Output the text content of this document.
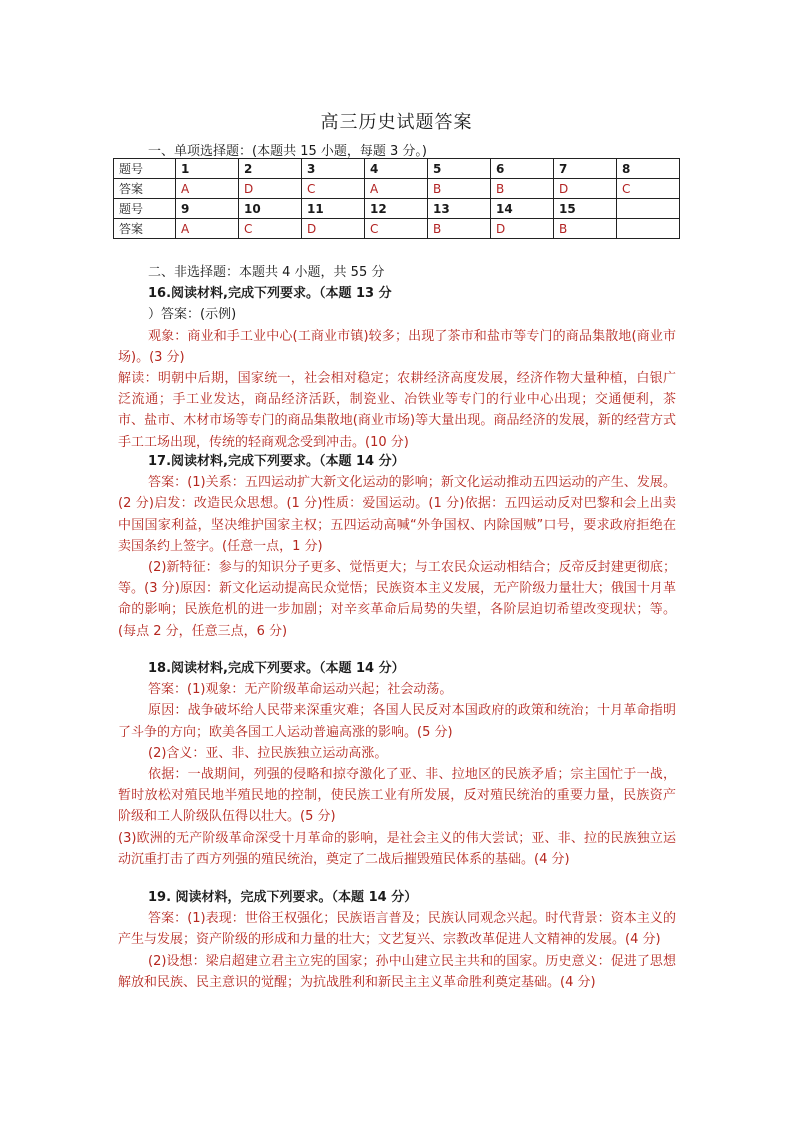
高三历史试题答案
一、单项选择题：(本题共 15 小题，每题 3 分。)
题号	1	2	3	4	5	6	7	8
答案	A	D	C	A	B	B	D	C
题号	9	10	11	12	13	14	15	
答案	A	C	D	C	B	D	B	

二、非选择题：本题共 4 小题，共 55 分

16.阅读材料,完成下列要求。（本题 13 分

）答案：(示例)

观象：商业和手工业中心(工商业市镇)较多；出现了茶市和盐市等专门的商品集散地(商业市场)。(3 分)

解读：明朝中后期，国家统一，社会相对稳定；农耕经济高度发展，经济作物大量种植，白银广泛流通；手工业发达，商品经济活跃，制瓷业、冶铁业等专门的行业中心出现；交通便利，茶市、盐市、木材市场等专门的商品集散地(商业市场)等大量出现。商品经济的发展，新的经营方式手工工场出现，传统的轻商观念受到冲击。(10 分)

17.阅读材料,完成下列要求。（本题 14 分）

答案：(1)关系：五四运动扩大新文化运动的影响；新文化运动推动五四运动的产生、发展。(2 分)启发：改造民众思想。(1 分)性质：爱国运动。(1 分)依据：五四运动反对巴黎和会上出卖中国国家利益，坚决维护国家主权；五四运动高喊“外争国权、内除国贼”口号，要求政府拒绝在卖国条约上签字。(任意一点，1 分)

(2)新特征：参与的知识分子更多、觉悟更大；与工农民众运动相结合；反帝反封建更彻底；等。(3 分)原因：新文化运动提高民众觉悟；民族资本主义发展，无产阶级力量壮大；俄国十月革命的影响；民族危机的进一步加剧；对辛亥革命后局势的失望，各阶层迫切希望改变现状；等。(每点 2 分，任意三点，6 分)

18.阅读材料,完成下列要求。（本题 14 分）

答案：(1)观象：无产阶级革命运动兴起；社会动荡。

原因：战争破坏给人民带来深重灾难；各国人民反对本国政府的政策和统治；十月革命指明了斗争的方向；欧美各国工人运动普遍高涨的影响。(5 分)

(2)含义：亚、非、拉民族独立运动高涨。

依据：一战期间，列强的侵略和掠夺激化了亚、非、拉地区的民族矛盾；宗主国忙于一战，暂时放松对殖民地半殖民地的控制，使民族工业有所发展，反对殖民统治的重要力量，民族资产阶级和工人阶级队伍得以壮大。(5 分)

(3)欧洲的无产阶级革命深受十月革命的影响，是社会主义的伟大尝试；亚、非、拉的民族独立运动沉重打击了西方列强的殖民统治，奠定了二战后摧毁殖民体系的基础。(4 分)

19. 阅读材料，完成下列要求。（本题 14 分）

答案：(1)表现：世俗王权强化；民族语言普及；民族认同观念兴起。时代背景：资本主义的产生与发展；资产阶级的形成和力量的壮大；文艺复兴、宗教改革促进人文精神的发展。(4 分)

(2)设想：梁启超建立君主立宪的国家；孙中山建立民主共和的国家。历史意义：促进了思想解放和民族、民主意识的觉醒；为抗战胜利和新民主主义革命胜利奠定基础。(4 分)
